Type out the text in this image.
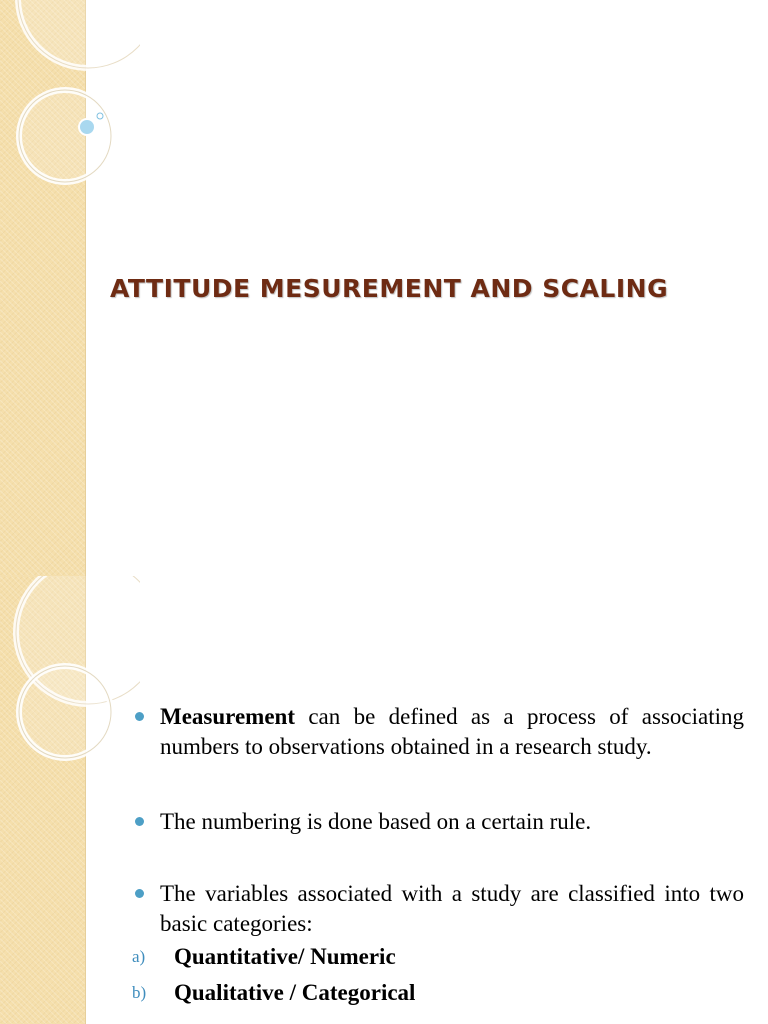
ATTITUDE MESUREMENT AND SCALING
Measurement can be defined as a process of associating numbers to observations obtained in a research study.
The numbering is done based on a certain rule.
The variables associated with a study are classified into two basic categories:
a) Quantitative/ Numeric
b) Qualitative / Categorical
